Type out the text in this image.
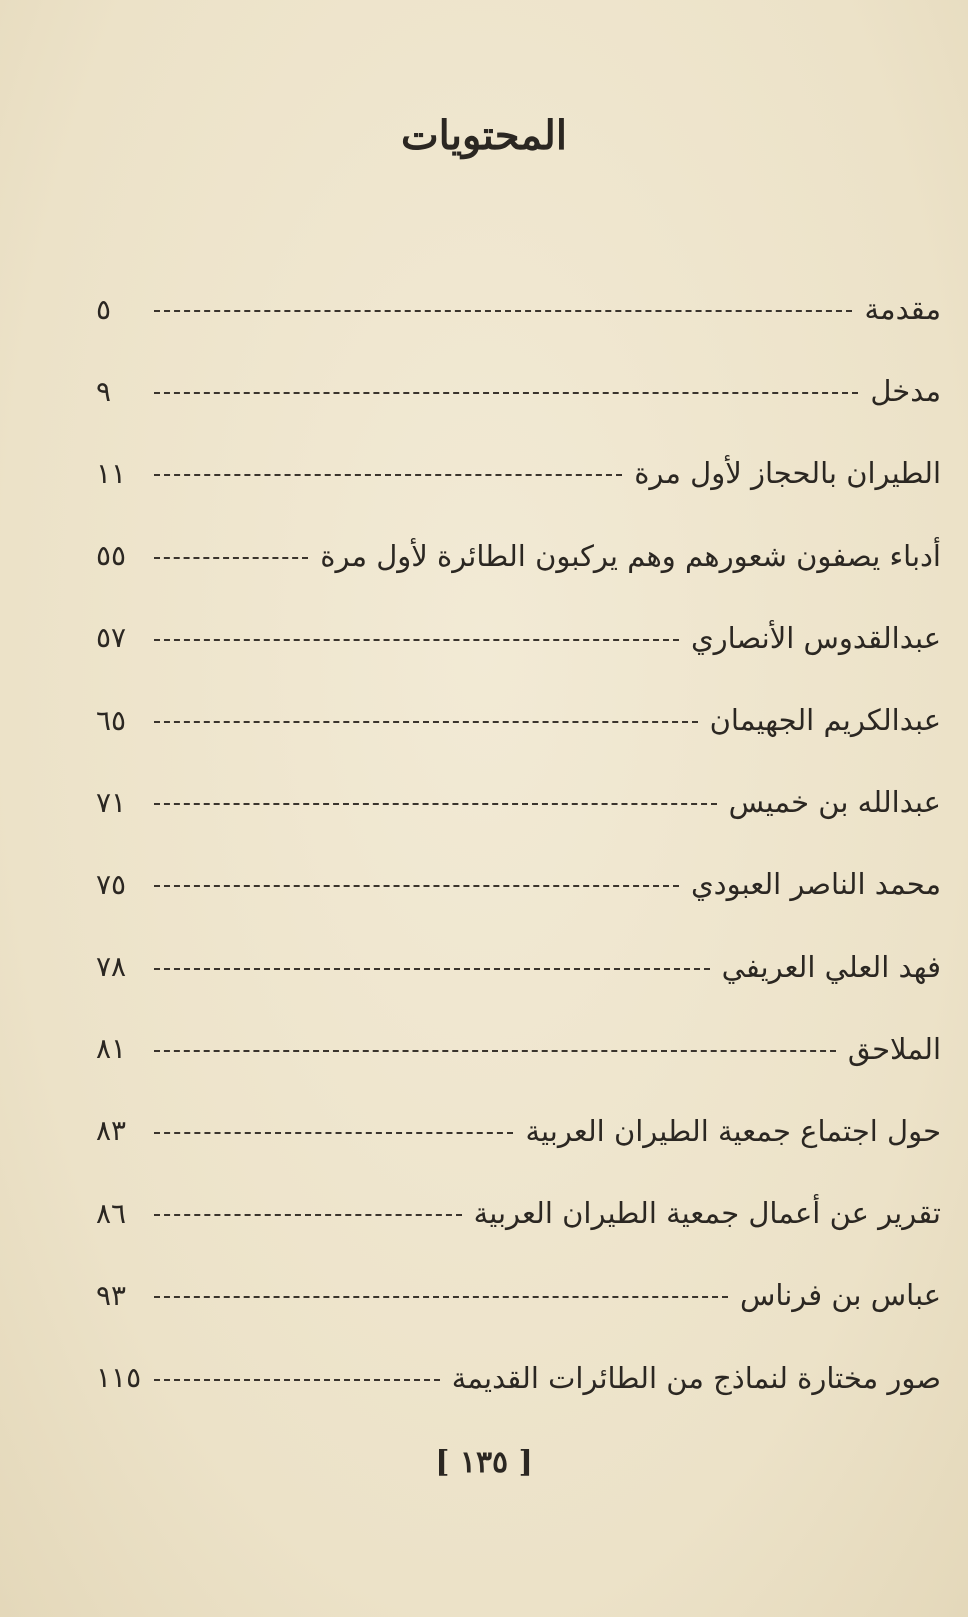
المحتويات
مقدمة
٥
مدخل
٩
الطيران بالحجاز لأول مرة
١١
أدباء يصفون شعورهم وهم يركبون الطائرة لأول مرة
٥٥
عبدالقدوس الأنصاري
٥٧
عبدالكريم الجهيمان
٦٥
عبدالله بن خميس
٧١
محمد الناصر العبودي
٧٥
فهد العلي العريفي
٧٨
الملاحق
٨١
حول اجتماع جمعية الطيران العربية
٨٣
تقرير عن أعمال جمعية الطيران العربية
٨٦
عباس بن فرناس
٩٣
صور مختارة لنماذج من الطائرات القديمة
١١٥
[ ١٣٥ ]
